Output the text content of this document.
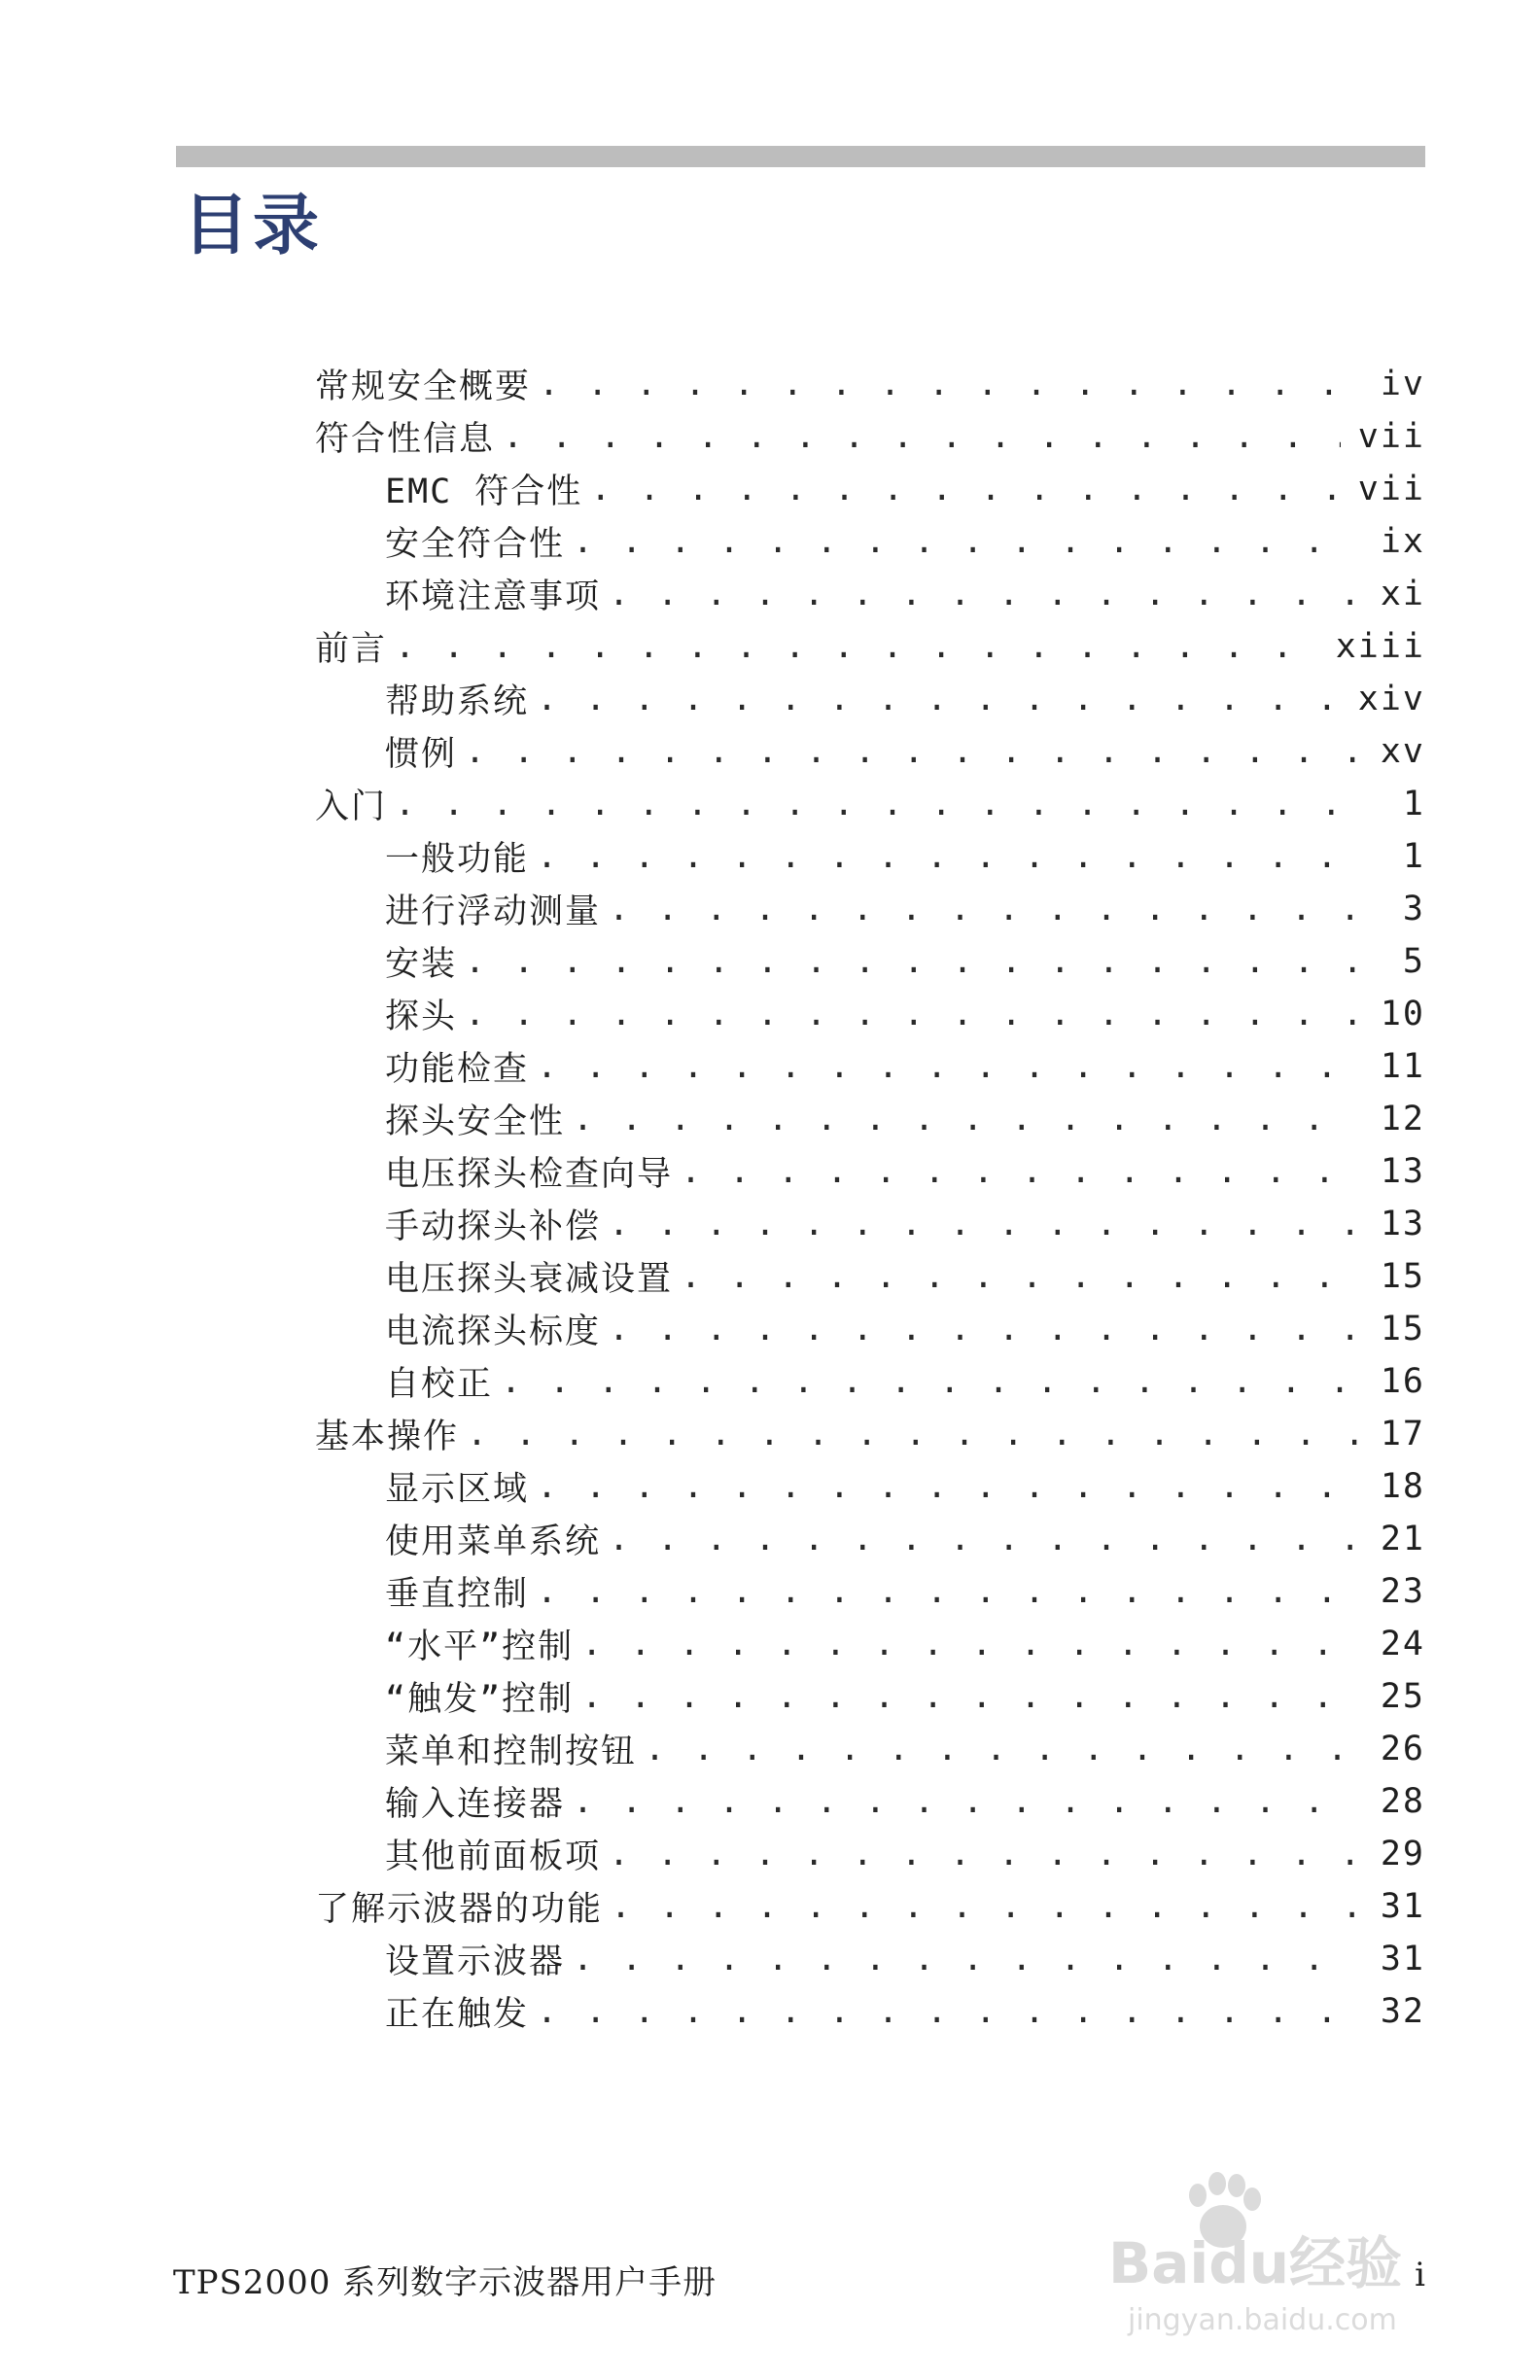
目录
常规安全概要 . . .	iv
符合性信息 . . .	vii
EMC 符合性 . . .	vii
安全符合性 . . .	ix
环境注意事项 . . .	xi
前言 . . .	xiii
帮助系统 . . .	xiv
惯例 . . .	xv
入门 . . .	1
一般功能 . . .	1
进行浮动测量 . . .	3
安装 . . .	5
探头 . . .	10
功能检查 . . .	11
探头安全性 . . .	12
电压探头检查向导 . . .	13
手动探头补偿 . . .	13
电压探头衰减设置 . . .	15
电流探头标度 . . .	15
自校正 . . .	16
基本操作 . . .	17
显示区域 . . .	18
使用菜单系统 . . .	21
垂直控制 . . .	23
“水平”控制 . . .	24
“触发”控制 . . .	25
菜单和控制按钮 . . .	26
输入连接器 . . .	28
其他前面板项 . . .	29
了解示波器的功能 . . .	31
设置示波器 . . .	31
正在触发 . . .	32
TPS2000 系列数字示波器用户手册	i
Baidu经验
jingyan.baidu.com
